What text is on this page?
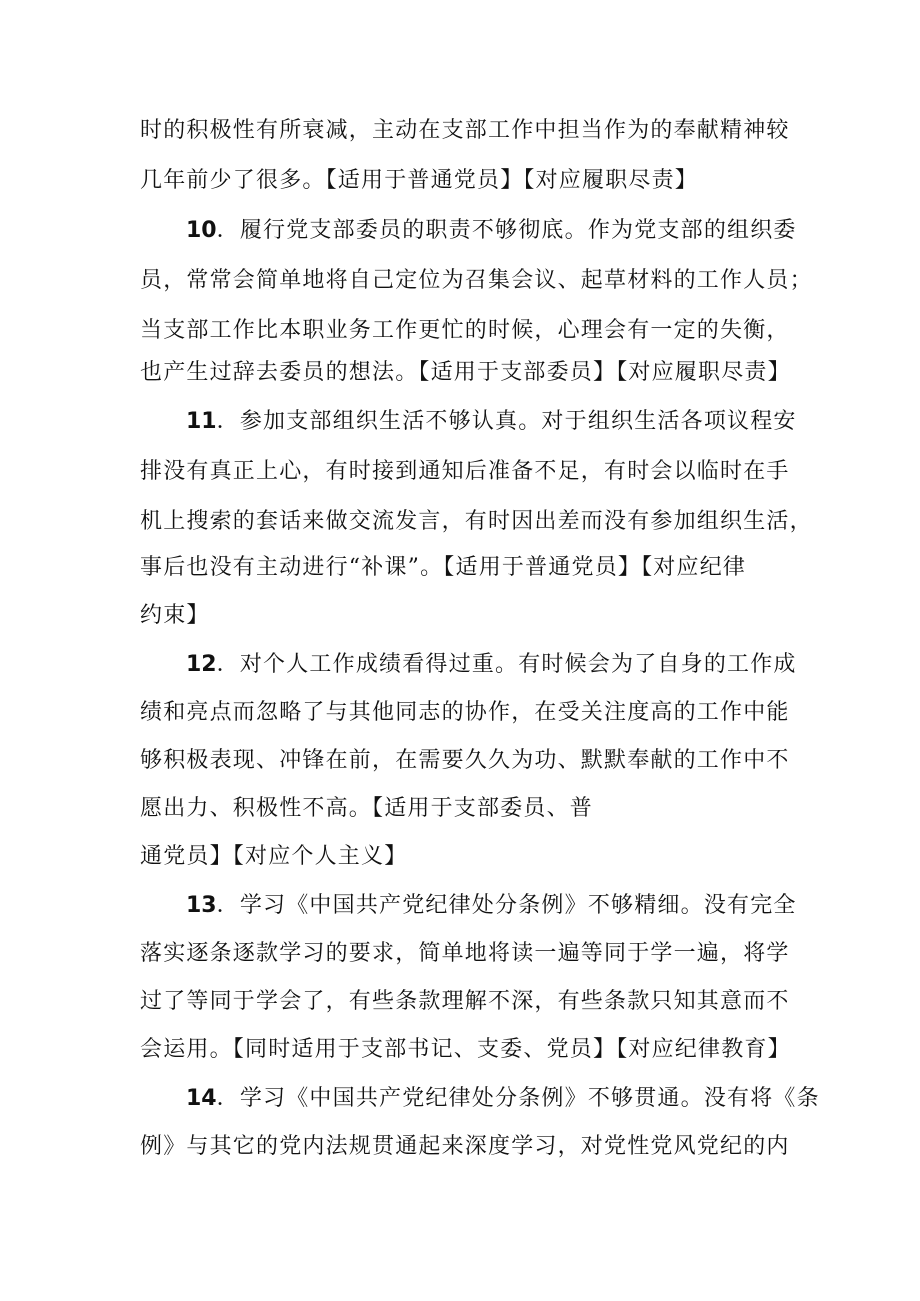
时的积极性有所衰减，主动在支部工作中担当作为的奉献精神较
几年前少了很多。【适用于普通党员】【对应履职尽责】
10．履行党支部委员的职责不够彻底。作为党支部的组织委
员，常常会简单地将自己定位为召集会议、起草材料的工作人员；
当支部工作比本职业务工作更忙的时候，心理会有一定的失衡，
也产生过辞去委员的想法。【适用于支部委员】【对应履职尽责】
11．参加支部组织生活不够认真。对于组织生活各项议程安
排没有真正上心，有时接到通知后准备不足，有时会以临时在手
机上搜索的套话来做交流发言，有时因出差而没有参加组织生活，
事后也没有主动进行“补课”。【适用于普通党员】【对应纪律
约束】
12．对个人工作成绩看得过重。有时候会为了自身的工作成
绩和亮点而忽略了与其他同志的协作，在受关注度高的工作中能
够积极表现、冲锋在前，在需要久久为功、默默奉献的工作中不
愿出力、积极性不高。【适用于支部委员、普
通党员】【对应个人主义】
13．学习《中国共产党纪律处分条例》不够精细。没有完全
落实逐条逐款学习的要求，简单地将读一遍等同于学一遍，将学
过了等同于学会了，有些条款理解不深，有些条款只知其意而不
会运用。【同时适用于支部书记、支委、党员】【对应纪律教育】
14．学习《中国共产党纪律处分条例》不够贯通。没有将《条
例》与其它的党内法规贯通起来深度学习，对党性党风党纪的内
